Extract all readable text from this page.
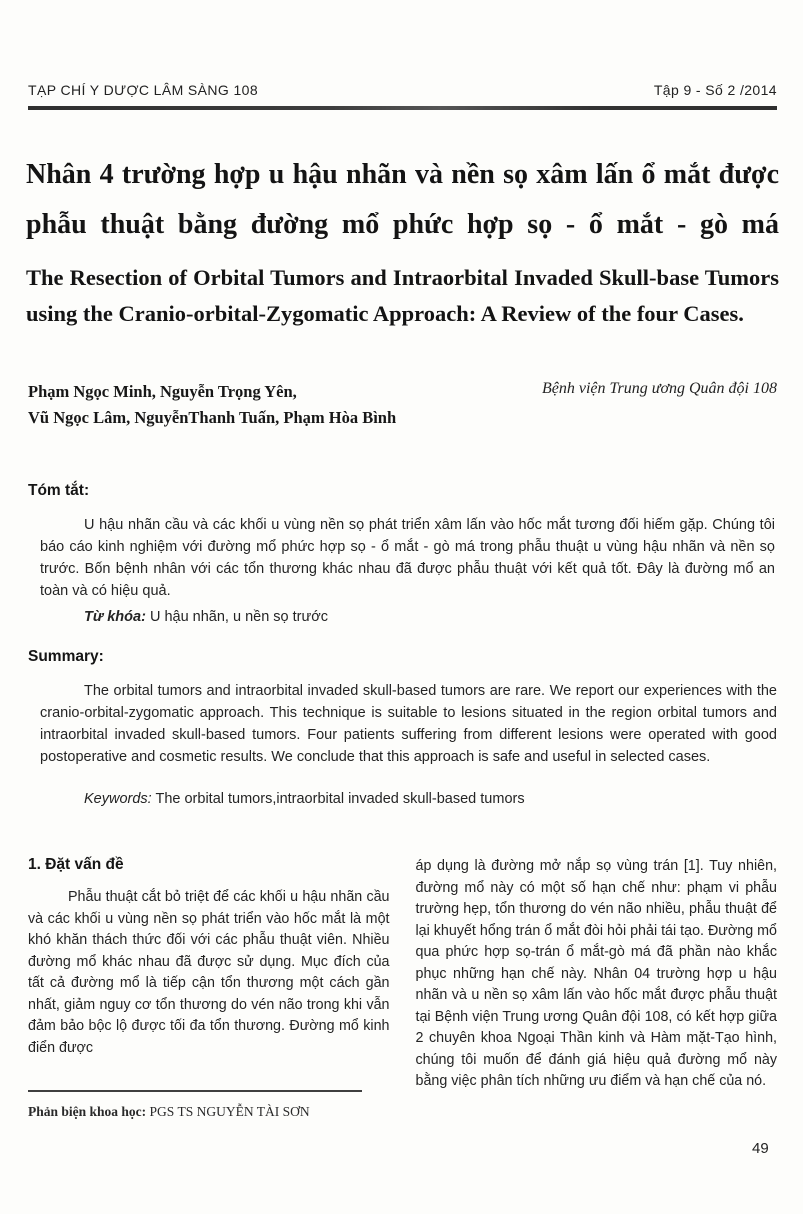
TẠP CHÍ Y DƯỢC LÂM SÀNG 108	Tập 9 - Số 2 /2014
Nhân 4 trường hợp u hậu nhãn và nền sọ xâm lấn ổ mắt được phẫu thuật bằng đường mổ phức hợp sọ - ổ mắt - gò má
The Resection of Orbital Tumors and Intraorbital Invaded Skull-base Tumors using the Cranio-orbital-Zygomatic Approach: A Review of the four Cases.
Phạm Ngọc Minh, Nguyễn Trọng Yên,
Vũ Ngọc Lâm, NguyễnThanh Tuấn, Phạm Hòa Bình
Bệnh viện Trung ương Quân đội 108
Tóm tắt:
U hậu nhãn cầu và các khối u vùng nền sọ phát triển xâm lấn vào hốc mắt tương đối hiếm gặp. Chúng tôi báo cáo kinh nghiệm với đường mổ phức hợp sọ - ổ mắt - gò má trong phẫu thuật u vùng hậu nhãn và nền sọ trước. Bốn bệnh nhân với các tổn thương khác nhau đã được phẫu thuật với kết quả tốt. Đây là đường mổ an toàn và có hiệu quả.
Từ khóa: U hậu nhãn, u nền sọ trước
Summary:
The orbital tumors and intraorbital invaded skull-based tumors are rare. We report our experiences with the cranio-orbital-zygomatic approach. This technique is suitable to lesions situated in the region orbital tumors and intraorbital invaded skull-based tumors. Four patients suffering from different lesions were operated with good postoperative and cosmetic results. We conclude that this approach is safe and useful in selected cases.
Keywords: The orbital tumors,intraorbital invaded skull-based tumors
1. Đặt vấn đề

Phẫu thuật cắt bỏ triệt để các khối u hậu nhãn cầu và các khối u vùng nền sọ phát triển vào hốc mắt là một khó khăn thách thức đối với các phẫu thuật viên. Nhiều đường mổ khác nhau đã được sử dụng. Mục đích của tất cả đường mổ là tiếp cận tổn thương một cách gần nhất, giảm nguy cơ tổn thương do vén não trong khi vẫn đảm bảo bộc lộ được tối đa tổn thương. Đường mổ kinh điển được

áp dụng là đường mở nắp sọ vùng trán [1]. Tuy nhiên, đường mổ này có một số hạn chế như: phạm vi phẫu trường hẹp, tổn thương do vén não nhiều, phẫu thuật để lại khuyết hổng trán ổ mắt đòi hỏi phải tái tạo. Đường mổ qua phức hợp sọ-trán ổ mắt-gò má đã phần nào khắc phục những hạn chế này. Nhân 04 trường hợp u hậu nhãn và u nền sọ xâm lấn vào hốc mắt được phẫu thuật tại Bệnh viện Trung ương Quân đội 108, có kết hợp giữa 2 chuyên khoa Ngoại Thần kinh và Hàm mặt-Tạo hình, chúng tôi muốn để đánh giá hiệu quả đường mổ này bằng việc phân tích những ưu điểm và hạn chế của nó.

Phản biện khoa học: PGS TS NGUYỄN TÀI SƠN
49
